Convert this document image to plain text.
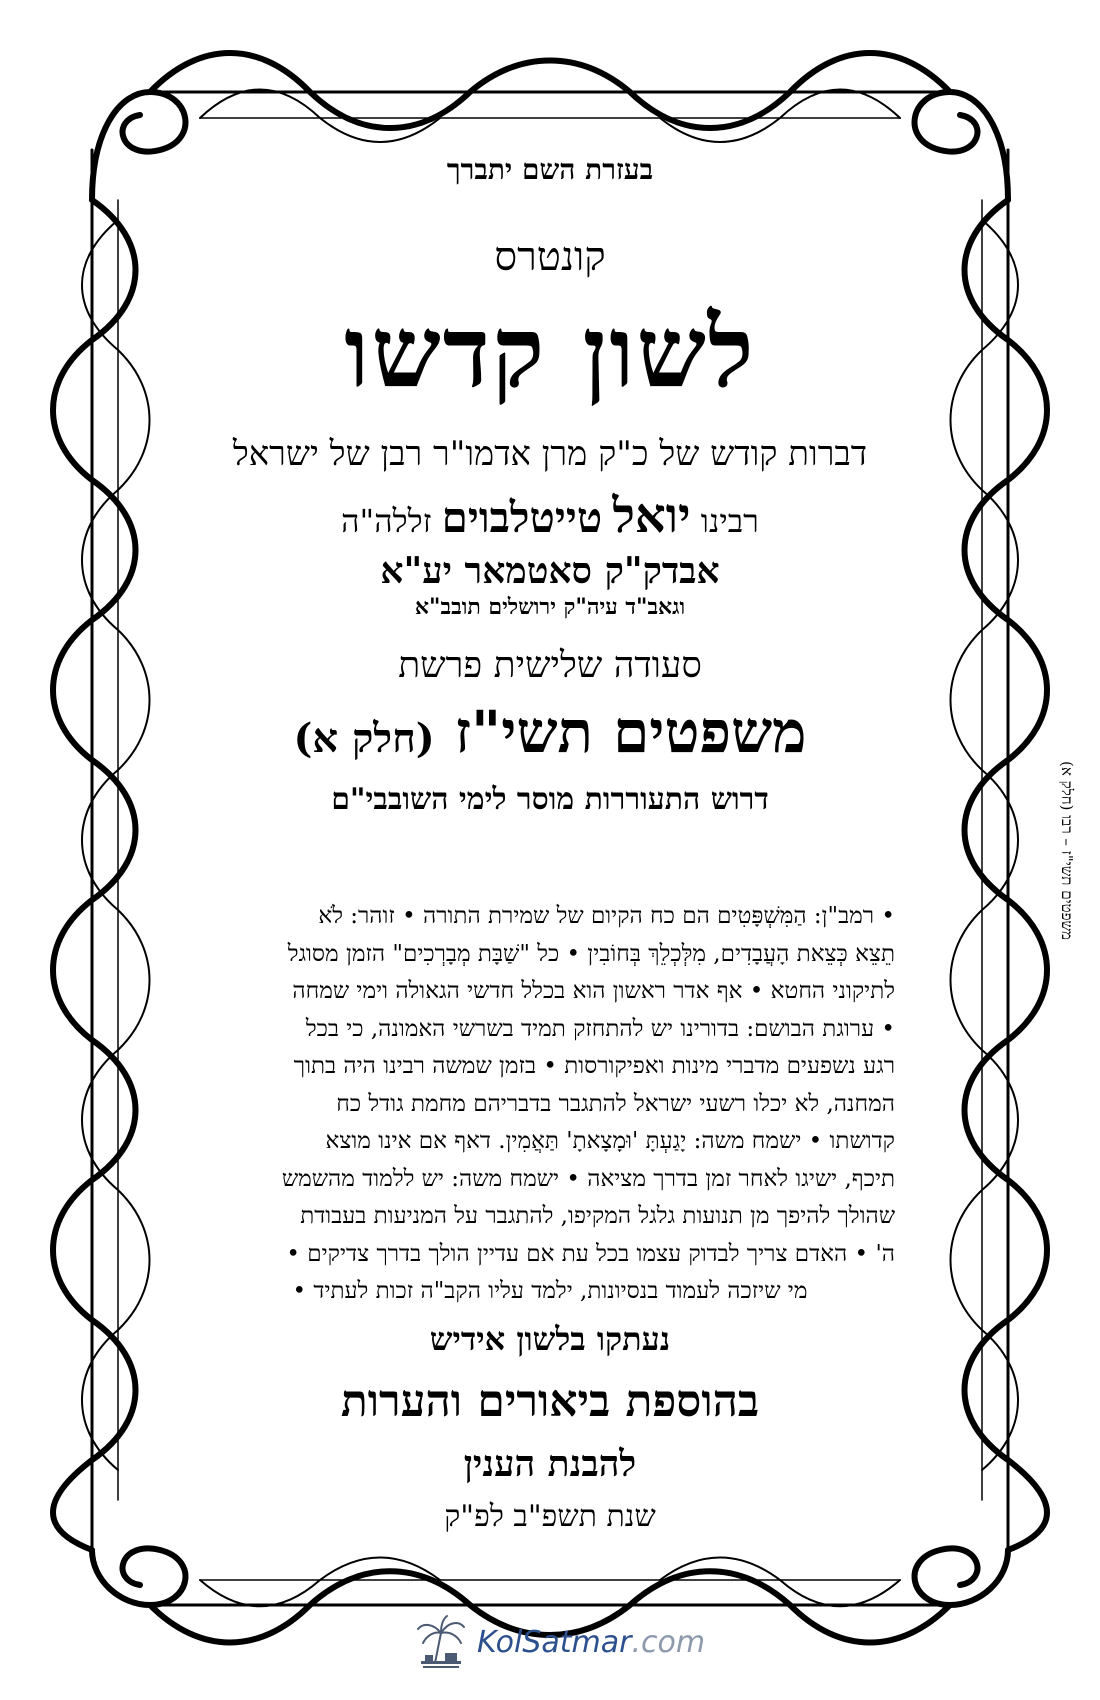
משפטים תשי"ז – רבו (חלק א)
בעזרת השם יתברך
קונטרס
לשון קדשו
דברות קודש של כ"ק מרן אדמו"ר רבן של ישראל
רבינו יואל טייטלבוים זללה"ה
אבדק"ק סאטמאר יע"א
וגאב"ד עיה"ק ירושלים תובב"א
סעודה שלישית פרשת
משפטים תשי"ז (חלק א)
דרוש התעוררות מוסר לימי השובבי"ם
• רמב"ן: הַמִּשְׁפָּטִים הם כח הקיום של שמירת התורה • זוהר: לֹא
תֵצֵא כְּצֵאת הָעֲבָדִים, מִלְּכְלֵךְ בְּחוֹבִין • כל "שַׁבָּת מְבָרְכִים" הזמן מסוגל
לתיקוני החטא • אף אדר ראשון הוא בכלל חדשי הגאולה וימי שמחה
• ערוגת הבושם: בדורינו יש להתחזק תמיד בשרשי האמונה, כי בכל
רגע נשפעים מדברי מינות ואפיקורסות • בזמן שמשה רבינו היה בתוך
המחנה, לא יכלו רשעי ישראל להתגבר בדבריהם מחמת גודל כח
קדושתו • ישמח משה: יָגַעְתָּ 'וּמָצָאתָ' תַּאֲמִין. דאף אם אינו מוצא
תיכף, ישיגו לאחר זמן בדרך מציאה • ישמח משה: יש ללמוד מהשמש
שהולך להיפך מן תנועות גלגל המקיפו, להתגבר על המניעות בעבודת
ה' • האדם צריך לבדוק עצמו בכל עת אם עדיין הולך בדרך צדיקים •
מי שיזכה לעמוד בנסיונות, ילמד עליו הקב"ה זכות לעתיד •
נעתקו בלשון אידיש
בהוספת ביאורים והערות
להבנת הענין
שנת תשפ"ב לפ"ק
KolSatmar .com
